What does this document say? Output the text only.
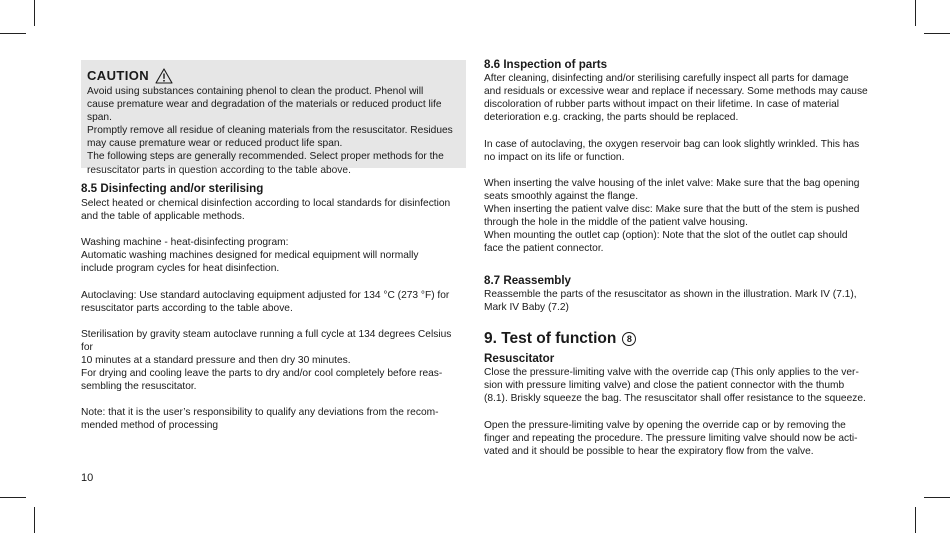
CAUTION

Avoid using substances containing phenol to clean the product. Phenol will
cause premature wear and degradation of the materials or reduced product life span.
Promptly remove all residue of cleaning materials from the resuscitator. Residues
may cause premature wear or reduced product life span.
The following steps are generally recommended. Select proper methods for the
resuscitator parts in question according to the table above.

8.5 Disinfecting and/or sterilising

Select heated or chemical disinfection according to local standards for disinfection
and the table of applicable methods.

Washing machine - heat-disinfecting program:
Automatic washing machines designed for medical equipment will normally
include program cycles for heat disinfection.

Autoclaving: Use standard autoclaving equipment adjusted for 134 °C (273 °F) for
resuscitator parts according to the table above.

Sterilisation by gravity steam autoclave running a full cycle at 134 degrees Celsius for
10 minutes at a standard pressure and then dry 30 minutes.

For drying and cooling leave the parts to dry and/or cool completely before reas-
sembling the resuscitator.

Note: that it is the user’s responsibility to qualify any deviations from the recom-
mended method of processing

10

8.6 Inspection of parts

After cleaning, disinfecting and/or sterilising carefully inspect all parts for damage
and residuals or excessive wear and replace if necessary. Some methods may cause
discoloration of rubber parts without impact on their lifetime. In case of material
deterioration e.g. cracking, the parts should be replaced.

In case of autoclaving, the oxygen reservoir bag can look slightly wrinkled. This has
no impact on its life or function.

When inserting the valve housing of the inlet valve: Make sure that the bag opening
seats smoothly against the flange.
When inserting the patient valve disc: Make sure that the butt of the stem is pushed
through the hole in the middle of the patient valve housing.
When mounting the outlet cap (option): Note that the slot of the outlet cap should
face the patient connector.

8.7 Reassembly

Reassemble the parts of the resuscitator as shown in the illustration. Mark IV (7.1),
Mark IV Baby (7.2)

9. Test of function	8

Resuscitator

Close the pressure-limiting valve with the override cap (This only applies to the ver-
sion with pressure limiting valve) and close the patient connector with the thumb
(8.1). Briskly squeeze the bag. The resuscitator shall offer resistance to the squeeze.

Open the pressure-limiting valve by opening the override cap or by removing the
finger and repeating the procedure. The pressure limiting valve should now be acti-
vated and it should be possible to hear the expiratory flow from the valve.
